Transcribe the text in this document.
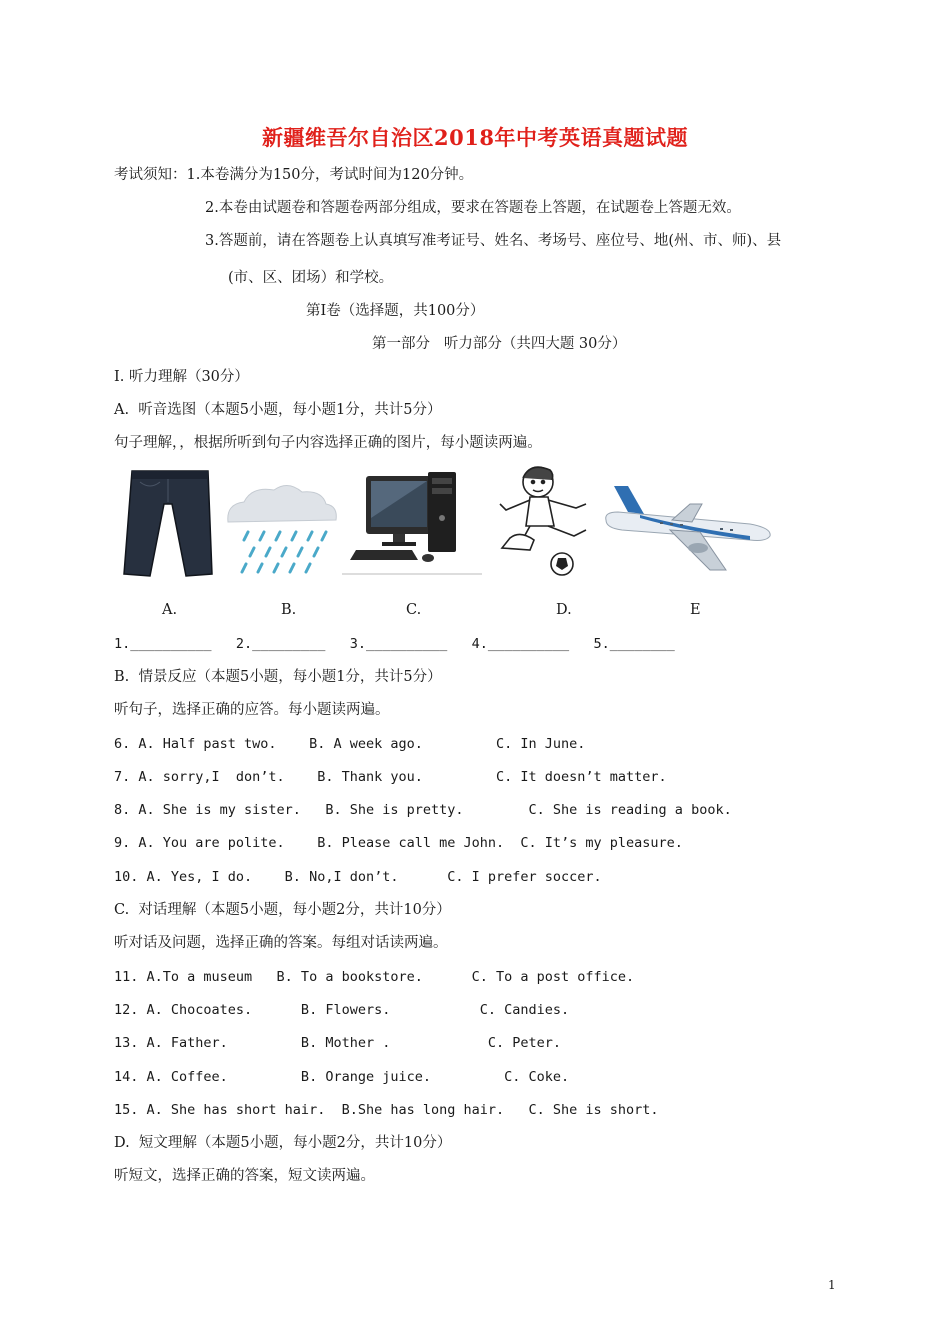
新疆维吾尔自治区2018年中考英语真题试题
考试须知：1.本卷满分为150分，考试时间为120分钟。
2.本卷由试题卷和答题卷两部分组成，要求在答题卷上答题，在试题卷上答题无效。
3.答题前，请在答题卷上认真填写准考证号、姓名、考场号、座位号、地(州、市、师)、县
(市、区、团场）和学校。
第I卷（选择题，共100分）
第一部分   听力部分（共四大题 30分）
Ⅰ. 听力理解（30分）
A.  听音选图（本题5小题，每小题1分，共计5分）
句子理解，，根据所听到句子内容选择正确的图片，每小题读两遍。
A.	B.	C.	D.	E
1.__________   2._________   3.__________   4.__________   5.________
B.  情景反应（本题5小题，每小题1分，共计5分）
听句子，选择正确的应答。每小题读两遍。
6. A. Half past two.    B. A week ago.         C. In June.
7. A. sorry,I  don’t.    B. Thank you.         C. It doesn’t matter.
8. A. She is my sister.   B. She is pretty.        C. She is reading a book.
9. A. You are polite.    B. Please call me John.  C. It’s my pleasure.
10. A. Yes, I do.    B. No,I don’t.      C. I prefer soccer.
C.  对话理解（本题5小题，每小题2分，共计10分）
听对话及问题，选择正确的答案。每组对话读两遍。
11. A.To a museum   B. To a bookstore.      C. To a post office.
12. A. Chocoates.      B. Flowers.           C. Candies.
13. A. Father.         B. Mother .            C. Peter.
14. A. Coffee.         B. Orange juice.         C. Coke.
15. A. She has short hair.  B.She has long hair.   C. She is short.
D.  短文理解（本题5小题，每小题2分，共计10分）
听短文，选择正确的答案，短文读两遍。
1
